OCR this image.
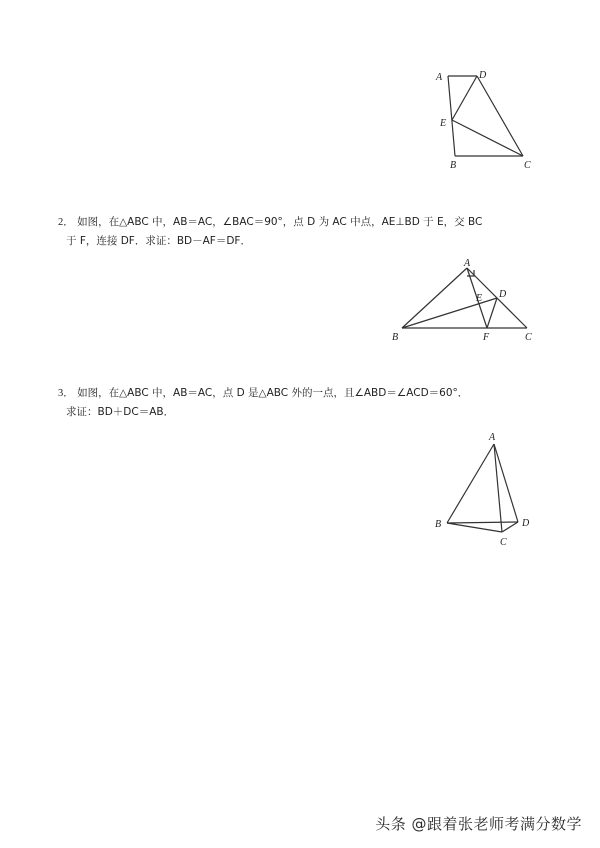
A	D
E
B	C
2． 如图，在△ABC 中，AB＝AC，∠BAC＝90°，点 D 为 AC 中点，AE⊥BD 于 E，交 BC
于 F，连接 DF．求证：BD－AF＝DF．
A
E D
B	F	C
3． 如图，在△ABC 中，AB＝AC，点 D 是△ABC 外的一点，且∠ABD＝∠ACD＝60°．
求证：BD＋DC＝AB．
A
B	D
C
头条 @跟着张老师考满分数学
